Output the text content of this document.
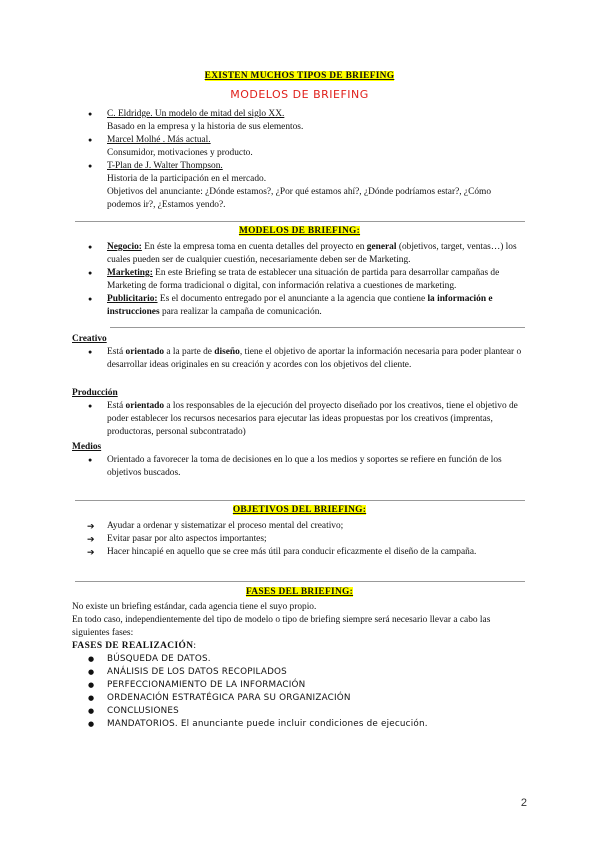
EXISTEN MUCHOS TIPOS DE BRIEFING
MODELOS DE BRIEFING
● C. Eldridge. Un modelo de mitad del siglo XX.
Basado en la empresa y la historia de sus elementos.
● Marcel Molhé . Más actual.
Consumidor, motivaciones y producto.
● T-Plan de J. Walter Thompson.
Historia de la participación en el mercado.
Objetivos del anunciante: ¿Dónde estamos?, ¿Por qué estamos ahí?, ¿Dónde podríamos estar?, ¿Cómo podemos ir?, ¿Estamos yendo?.
MODELOS DE BRIEFING:
● Negocio: En éste la empresa toma en cuenta detalles del proyecto en general (objetivos, target, ventas…) los cuales pueden ser de cualquier cuestión, necesariamente deben ser de Marketing.
● Marketing: En este Briefing se trata de establecer una situación de partida para desarrollar campañas de Marketing de forma tradicional o digital, con información relativa a cuestiones de marketing.
● Publicitario: Es el documento entregado por el anunciante a la agencia que contiene la información e instrucciones para realizar la campaña de comunicación.
Creativo
● Está orientado a la parte de diseño, tiene el objetivo de aportar la información necesaria para poder plantear o desarrollar ideas originales en su creación y acordes con los objetivos del cliente.
Producción
● Está orientado a los responsables de la ejecución del proyecto diseñado por los creativos, tiene el objetivo de poder establecer los recursos necesarios para ejecutar las ideas propuestas por los creativos (imprentas, productoras, personal subcontratado)
Medios
● Orientado a favorecer la toma de decisiones en lo que a los medios y soportes se refiere en función de los objetivos buscados.
OBJETIVOS DEL BRIEFING:
➔ Ayudar a ordenar y sistematizar el proceso mental del creativo;
➔ Evitar pasar por alto aspectos importantes;
➔ Hacer hincapié en aquello que se cree más útil para conducir eficazmente el diseño de la campaña.
FASES DEL BRIEFING:
No existe un briefing estándar, cada agencia tiene el suyo propio.
En todo caso, independientemente del tipo de modelo o tipo de briefing siempre será necesario llevar a cabo las siguientes fases:
FASES DE REALIZACIÓN:
● BÚSQUEDA DE DATOS.
● ANÁLISIS DE LOS DATOS RECOPILADOS
● PERFECCIONAMIENTO DE LA INFORMACIÓN
● ORDENACIÓN ESTRATÉGICA PARA SU ORGANIZACIÓN
● CONCLUSIONES
● MANDATORIOS. El anunciante puede incluir condiciones de ejecución.
2
